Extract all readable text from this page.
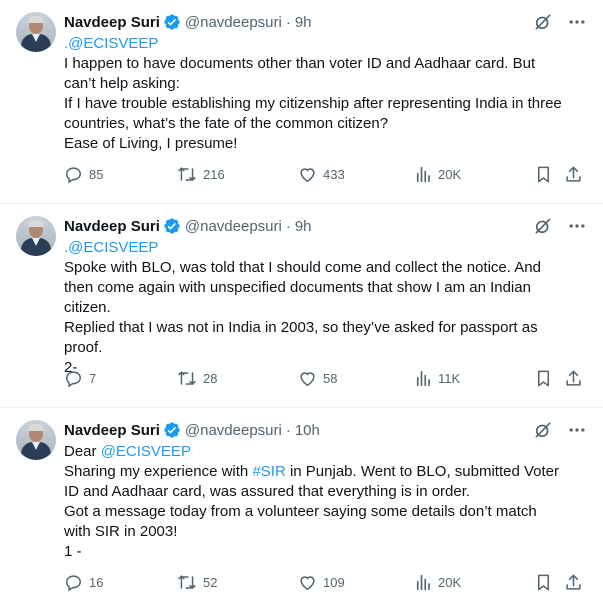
Navdeep Suri @navdeepsuri · 9h
.@ECISVEEP
I happen to have documents other than voter ID and Aadhaar card. But
can’t help asking:
If I have trouble establishing my citizenship after representing India in three
countries, what’s the fate of the common citizen?
Ease of Living, I presume!
85	216	433	20K
Navdeep Suri @navdeepsuri · 9h
.@ECISVEEP
Spoke with BLO, was told that I should come and collect the notice. And
then come again with unspecified documents that show I am an Indian
citizen.
Replied that I was not in India in 2003, so they’ve asked for passport as
proof.
2-
7	28	58	11K
Navdeep Suri @navdeepsuri · 10h
Dear @ECISVEEP
Sharing my experience with #SIR in Punjab. Went to BLO, submitted Voter
ID and Aadhaar card, was assured that everything is in order.
Got a message today from a volunteer saying some details don’t match
with SIR in 2003!
1 -
16	52	109	20K
